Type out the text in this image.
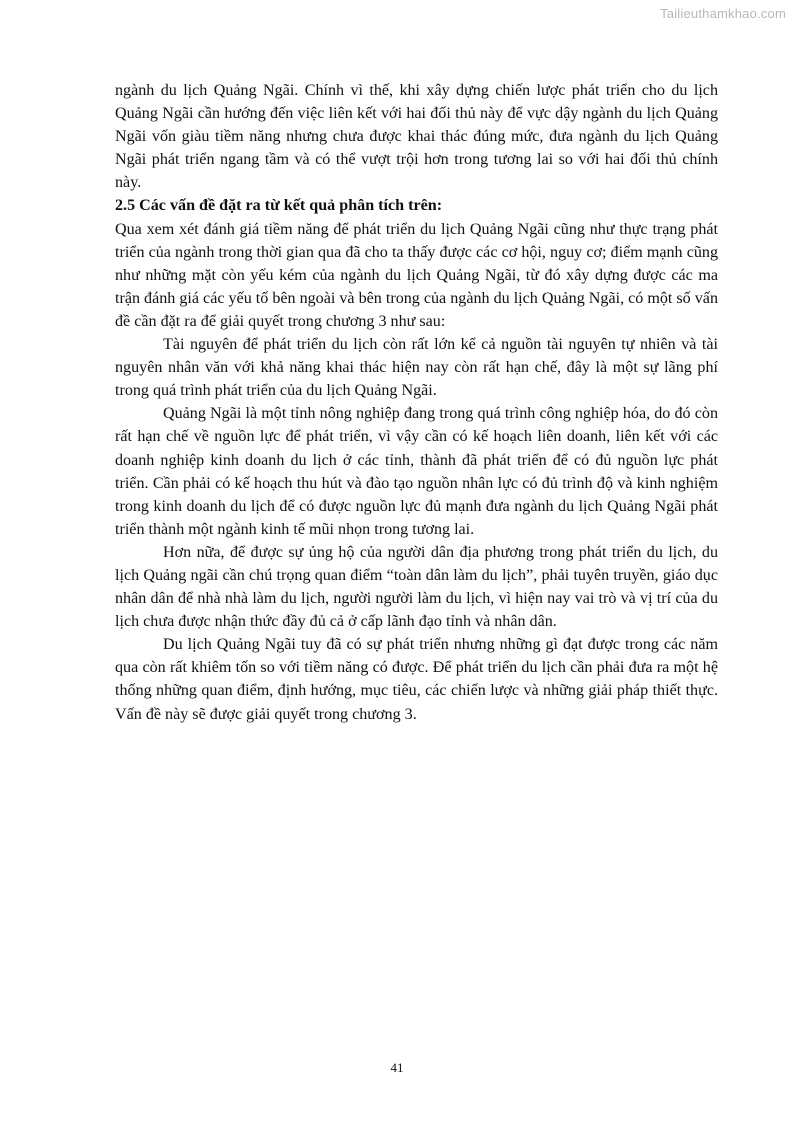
Tailieuthamkhao.com

ngành du lịch Quảng Ngãi. Chính vì thế, khi xây dựng chiến lược phát triển cho du lịch Quảng Ngãi cần hướng đến việc liên kết với hai đối thủ này để vực dậy ngành du lịch Quảng Ngãi vốn giàu tiềm năng nhưng chưa được khai thác đúng mức, đưa ngành du lịch Quảng Ngãi phát triển ngang tầm và có thể vượt trội hơn trong tương lai so với hai đối thủ chính này.

2.5 Các vấn đề đặt ra từ kết quả phân tích trên:

Qua xem xét đánh giá tiềm năng để phát triển du lịch Quảng Ngãi cũng như thực trạng phát triển của ngành trong thời gian qua đã cho ta thấy được các cơ hội, nguy cơ; điểm mạnh cũng như những mặt còn yếu kém của ngành du lịch Quảng Ngãi, từ đó xây dựng được các ma trận đánh giá các yếu tố bên ngoài và bên trong của ngành du lịch Quảng Ngãi, có một số vấn đề cần đặt ra để giải quyết trong chương 3 như sau:

Tài nguyên để phát triển du lịch còn rất lớn kể cả nguồn tài nguyên tự nhiên và tài nguyên nhân văn với khả năng khai thác hiện nay còn rất hạn chế, đây là một sự lãng phí trong quá trình phát triển của du lịch Quảng Ngãi.

Quảng Ngãi là một tỉnh nông nghiệp đang trong quá trình công nghiệp hóa, do đó còn rất hạn chế về nguồn lực để phát triển, vì vậy cần có kế hoạch liên doanh, liên kết với các doanh nghiệp kinh doanh du lịch ở các tỉnh, thành đã phát triển để có đủ nguồn lực phát triển. Cần phải có kế hoạch thu hút và đào tạo nguồn nhân lực có đủ trình độ và kinh nghiệm trong kinh doanh du lịch để có được nguồn lực đủ mạnh đưa ngành du lịch Quảng Ngãi phát triển thành một ngành kinh tế mũi nhọn trong tương lai.

Hơn nữa, để được sự ủng hộ của người dân địa phương trong phát triển du lịch, du lịch Quảng ngãi cần chú trọng quan điểm “toàn dân làm du lịch”, phải tuyên truyền, giáo dục nhân dân để nhà nhà làm du lịch, người người làm du lịch, vì hiện nay vai trò và vị trí của du lịch chưa được nhận thức đầy đủ cả ở cấp lãnh đạo tỉnh và nhân dân.

Du lịch Quảng Ngãi tuy đã có sự phát triển nhưng những gì đạt được trong các năm qua còn rất khiêm tốn so với tiềm năng có được. Để phát triển du lịch cần phải đưa ra một hệ thống những quan điểm, định hướng, mục tiêu, các chiến lược và những giải pháp thiết thực. Vấn đề này sẽ được giải quyết trong chương 3.

41
